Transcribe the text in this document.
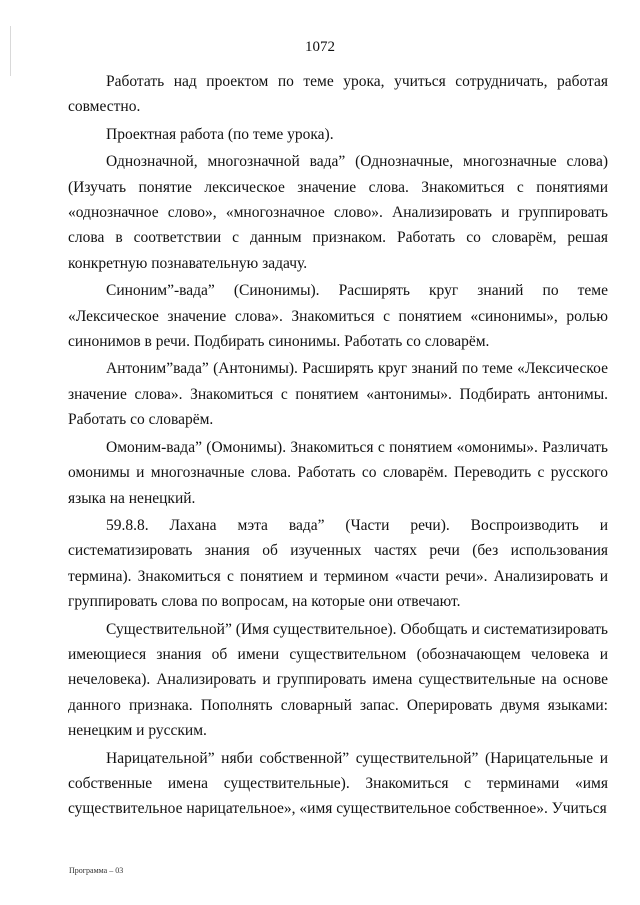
1072

Работать над проектом по теме урока, учиться сотрудничать, работая совместно.

Проектная работа (по теме урока).

Однозначной, многозначной вада” (Однозначные, многозначные слова) (Изучать понятие лексическое значение слова. Знакомиться с понятиями «однозначное слово», «многозначное слово». Анализировать и группировать слова в соответствии с данным признаком. Работать со словарём, решая конкретную познавательную задачу.

Синоним”-вада” (Синонимы). Расширять круг знаний по теме «Лексическое значение слова». Знакомиться с понятием «синонимы», ролью синонимов в речи. Подбирать синонимы. Работать со словарём.

Антоним”вада” (Антонимы). Расширять круг знаний по теме «Лексическое значение слова». Знакомиться с понятием «антонимы». Подбирать антонимы. Работать со словарём.

Омоним-вада” (Омонимы). Знакомиться с понятием «омонимы». Различать омонимы и многозначные слова. Работать со словарём. Переводить с русского языка на ненецкий.

59.8.8. Лахана мэта вада” (Части речи). Воспроизводить и систематизировать знания об изученных частях речи (без использования термина). Знакомиться с понятием и термином «части речи». Анализировать и группировать слова по вопросам, на которые они отвечают.

Существительной” (Имя существительное). Обобщать и систематизировать имеющиеся знания об имени существительном (обозначающем человека и нечеловека). Анализировать и группировать имена существительные на основе данного признака. Пополнять словарный запас. Оперировать двумя языками: ненецким и русским.

Нарицательной” няби собственной” существительной” (Нарицательные и собственные имена существительные). Знакомиться с терминами «имя существительное нарицательное», «имя существительное собственное». Учиться

Программа – 03
